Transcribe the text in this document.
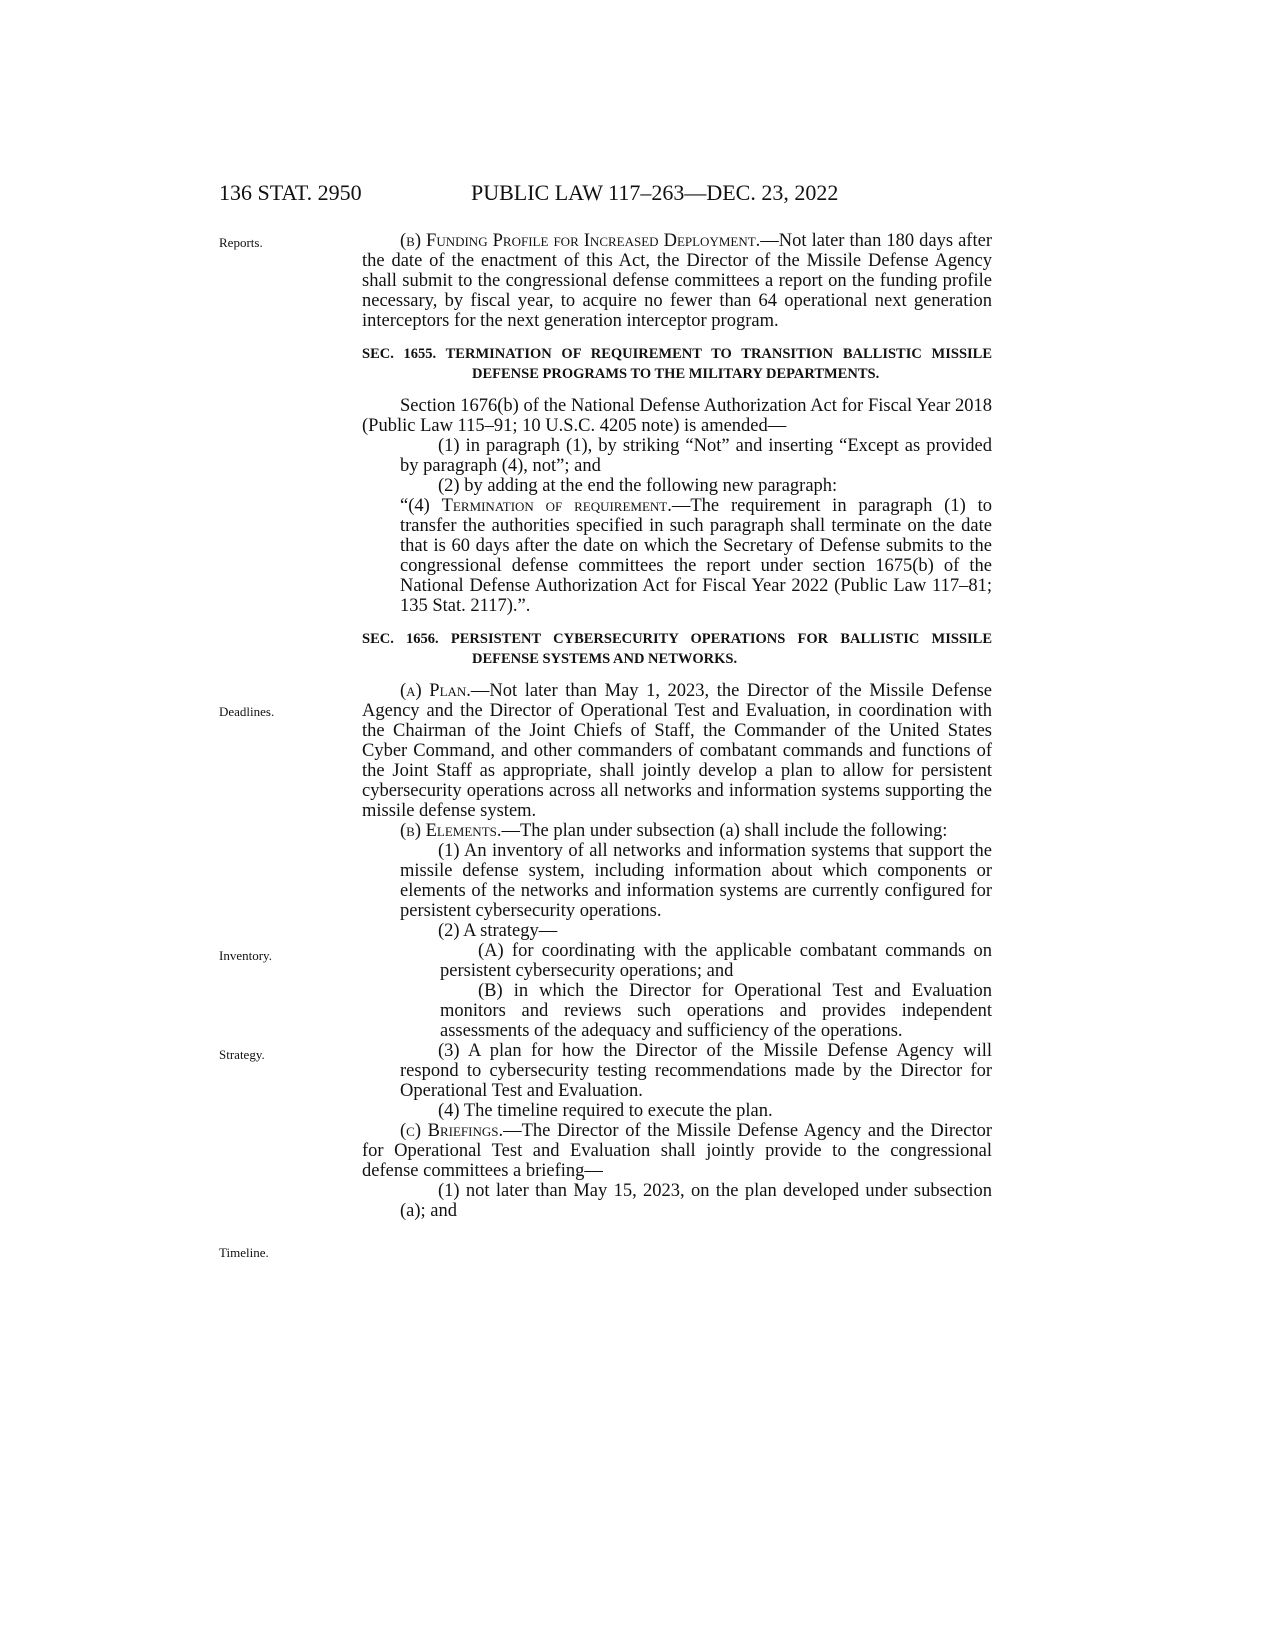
136 STAT. 2950	PUBLIC LAW 117–263—DEC. 23, 2022
Reports.
Deadlines.
Inventory.
Strategy.
Timeline.

(b) Funding Profile for Increased Deployment.—Not later than 180 days after the date of the enactment of this Act, the Director of the Missile Defense Agency shall submit to the congressional defense committees a report on the funding profile necessary, by fiscal year, to acquire no fewer than 64 operational next generation interceptors for the next generation interceptor program.

SEC. 1655. TERMINATION OF REQUIREMENT TO TRANSITION BALLISTIC MISSILE DEFENSE PROGRAMS TO THE MILITARY DEPARTMENTS.

Section 1676(b) of the National Defense Authorization Act for Fiscal Year 2018 (Public Law 115–91; 10 U.S.C. 4205 note) is amended—

(1) in paragraph (1), by striking “Not” and inserting “Except as provided by paragraph (4), not”; and

(2) by adding at the end the following new paragraph:

“(4) Termination of requirement.—The requirement in paragraph (1) to transfer the authorities specified in such paragraph shall terminate on the date that is 60 days after the date on which the Secretary of Defense submits to the congressional defense committees the report under section 1675(b) of the National Defense Authorization Act for Fiscal Year 2022 (Public Law 117–81; 135 Stat. 2117).”.

SEC. 1656. PERSISTENT CYBERSECURITY OPERATIONS FOR BALLISTIC MISSILE DEFENSE SYSTEMS AND NETWORKS.

(a) Plan.—Not later than May 1, 2023, the Director of the Missile Defense Agency and the Director of Operational Test and Evaluation, in coordination with the Chairman of the Joint Chiefs of Staff, the Commander of the United States Cyber Command, and other commanders of combatant commands and functions of the Joint Staff as appropriate, shall jointly develop a plan to allow for persistent cybersecurity operations across all networks and information systems supporting the missile defense system.

(b) Elements.—The plan under subsection (a) shall include the following:

(1) An inventory of all networks and information systems that support the missile defense system, including information about which components or elements of the networks and information systems are currently configured for persistent cybersecurity operations.

(2) A strategy—

(A) for coordinating with the applicable combatant commands on persistent cybersecurity operations; and

(B) in which the Director for Operational Test and Evaluation monitors and reviews such operations and provides independent assessments of the adequacy and sufficiency of the operations.

(3) A plan for how the Director of the Missile Defense Agency will respond to cybersecurity testing recommendations made by the Director for Operational Test and Evaluation.

(4) The timeline required to execute the plan.

(c) Briefings.—The Director of the Missile Defense Agency and the Director for Operational Test and Evaluation shall jointly provide to the congressional defense committees a briefing—

(1) not later than May 15, 2023, on the plan developed under subsection (a); and
